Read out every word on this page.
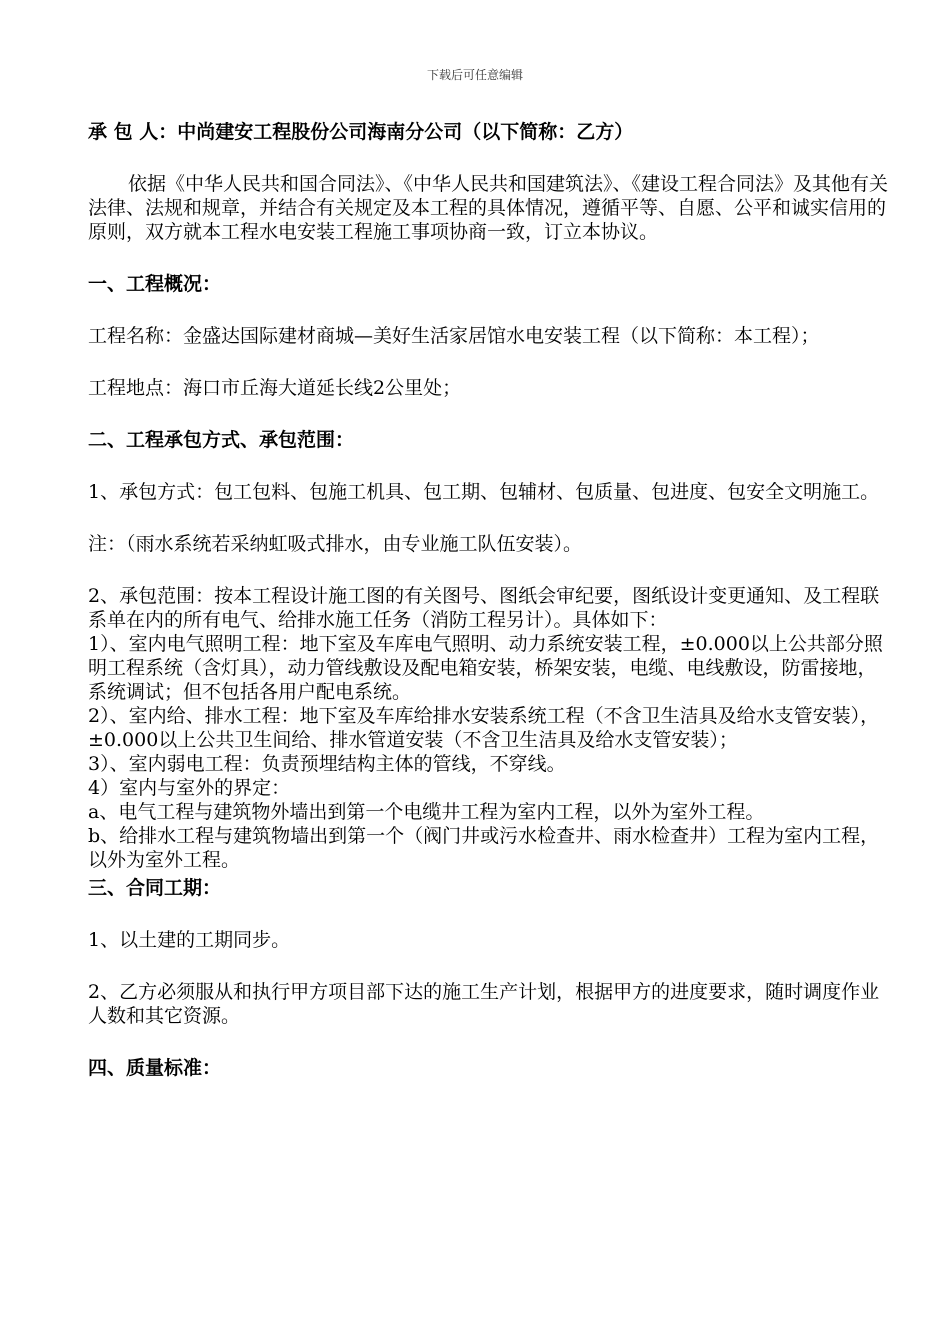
下载后可任意编辑

承 包 人：中尚建安工程股份公司海南分公司（以下简称：乙方）

依据《中华人民共和国合同法》、《中华人民共和国建筑法》、《建设工程合同法》及其他有关法律、法规和规章，并结合有关规定及本工程的具体情况，遵循平等、自愿、公平和诚实信用的原则，双方就本工程水电安装工程施工事项协商一致，订立本协议。

一、工程概况：

工程名称：金盛达国际建材商城—美好生活家居馆水电安装工程（以下简称：本工程）；

工程地点：海口市丘海大道延长线2公里处；

二、工程承包方式、承包范围：

1、承包方式：包工包料、包施工机具、包工期、包辅材、包质量、包进度、包安全文明施工。

注：（雨水系统若采纳虹吸式排水，由专业施工队伍安装）。

2、承包范围：按本工程设计施工图的有关图号、图纸会审纪要，图纸设计变更通知、及工程联系单在内的所有电气、给排水施工任务（消防工程另计）。具体如下：

1）、室内电气照明工程：地下室及车库电气照明、动力系统安装工程，±0.000以上公共部分照明工程系统（含灯具），动力管线敷设及配电箱安装，桥架安装，电缆、电线敷设，防雷接地，系统调试；但不包括各用户配电系统。

2）、室内给、排水工程：地下室及车库给排水安装系统工程（不含卫生洁具及给水支管安装），±0.000以上公共卫生间给、排水管道安装（不含卫生洁具及给水支管安装）；

3）、室内弱电工程：负责预埋结构主体的管线，不穿线。

4）室内与室外的界定：

a、电气工程与建筑物外墙出到第一个电缆井工程为室内工程，以外为室外工程。

b、给排水工程与建筑物墙出到第一个（阀门井或污水检查井、雨水检查井）工程为室内工程，以外为室外工程。

三、合同工期：

1、以土建的工期同步。

2、乙方必须服从和执行甲方项目部下达的施工生产计划，根据甲方的进度要求，随时调度作业人数和其它资源。

四、质量标准：
